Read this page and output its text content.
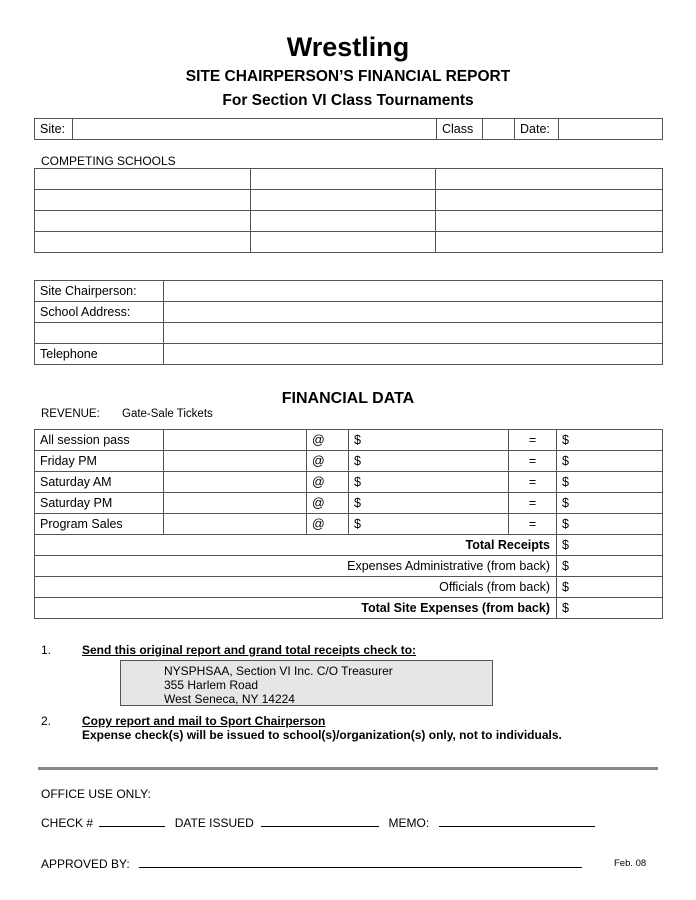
Wrestling
SITE CHAIRPERSON’S FINANCIAL REPORT
For Section VI Class Tournaments
Site:		Class		Date:	
COMPETING SCHOOLS

Site Chairperson:	
School Address:	

Telephone	
FINANCIAL DATA
REVENUE: Gate-Sale Tickets
All session pass		@	$	=	$
Friday PM		@	$	=	$
Saturday AM		@	$	=	$
Saturday PM		@	$	=	$
Program Sales		@	$	=	$
Total Receipts					$
Expenses Administrative (from back)					$
Officials (from back)					$
Total Site Expenses (from back)					$
1.	Send this original report and grand total receipts check to:
NYSPHSAA, Section VI Inc. C/O Treasurer
355 Harlem Road
West Seneca, NY 14224
2.	Copy report and mail to Sport Chairperson
Expense check(s) will be issued to school(s)/organization(s) only, not to individuals.
OFFICE USE ONLY:
CHECK #	DATE ISSUED	MEMO:
APPROVED BY:	Feb. 08
